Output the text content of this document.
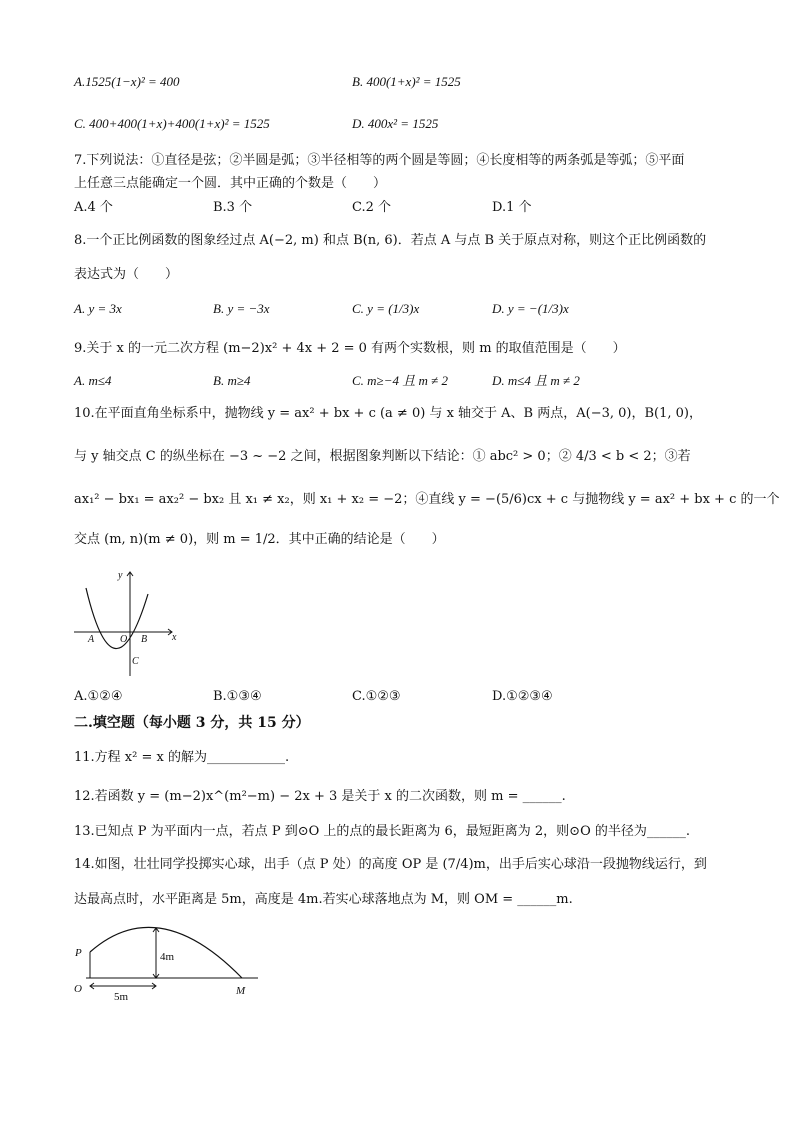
A.1525(1−x)² = 400	B. 400(1+x)² = 1525
C. 400+400(1+x)+400(1+x)² = 1525	D. 400x² = 1525
7.下列说法：①直径是弦；②半圆是弧；③半径相等的两个圆是等圆；④长度相等的两条弧是等弧；⑤平面
上任意三点能确定一个圆．其中正确的个数是（　　）
A.4 个	B.3 个	C.2 个	D.1 个
8.一个正比例函数的图象经过点 A(−2, m) 和点 B(n, 6)．若点 A 与点 B 关于原点对称，则这个正比例函数的
表达式为（　　）
A. y = 3x	B. y = −3x	C. y = (1/3)x	D. y = −(1/3)x
9.关于 x 的一元二次方程 (m−2)x² + 4x + 2 = 0 有两个实数根，则 m 的取值范围是（　　）
A. m≤4	B. m≥4	C. m≥−4 且 m ≠ 2	D. m≤4 且 m ≠ 2
10.在平面直角坐标系中，抛物线 y = ax² + bx + c (a ≠ 0) 与 x 轴交于 A、B 两点，A(−3, 0)，B(1, 0)，
与 y 轴交点 C 的纵坐标在 −3 ~ −2 之间，根据图象判断以下结论：① abc² > 0；② 4/3 < b < 2；③若
ax₁² − bx₁ = ax₂² − bx₂ 且 x₁ ≠ x₂，则 x₁ + x₂ = −2；④直线 y = −(5/6)cx + c 与抛物线 y = ax² + bx + c 的一个
交点 (m, n)(m ≠ 0)，则 m = 1/2．其中正确的结论是（　　）
y
x
A	O B
C
A.①②④	B.①③④	C.①②③	D.①②③④
二.填空题（每小题 3 分，共 15 分）
11.方程 x² = x 的解为____________.
12.若函数 y = (m−2)x^(m²−m) − 2x + 3 是关于 x 的二次函数，则 m = ______.
13.已知点 P 为平面内一点，若点 P 到⊙O 上的点的最长距离为 6，最短距离为 2，则⊙O 的半径为______.
14.如图，壮壮同学投掷实心球，出手（点 P 处）的高度 OP 是 (7/4)m，出手后实心球沿一段抛物线运行，到
达最高点时，水平距离是 5m，高度是 4m.若实心球落地点为 M，则 OM = ______m.
P
O	M
4m
5m
